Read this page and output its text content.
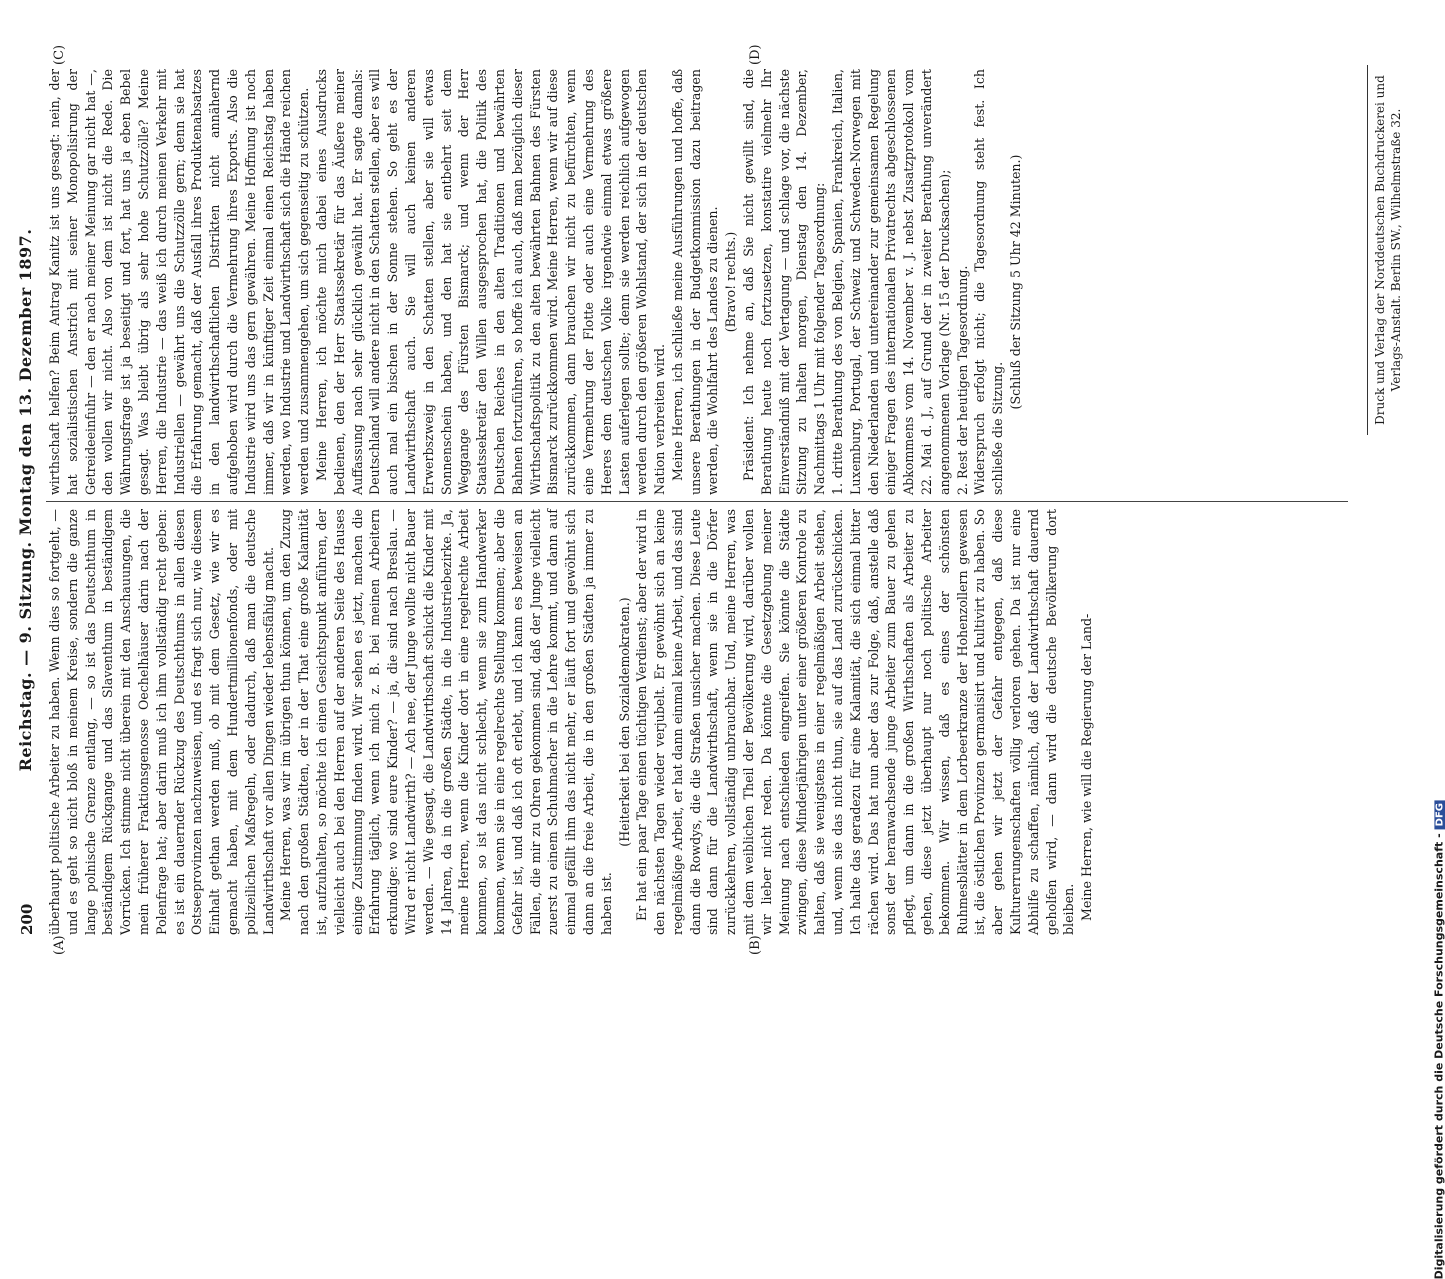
200
Reichstag. — 9. Sitzung. Montag den 13. Dezember 1897.
(A)	(B)
(C)	(D)

überhaupt politische Arbeiter zu haben. Wenn dies so fortgeht, — und es geht so nicht bloß in meinem Kreise, sondern die ganze lange polnische Grenze entlang, — so ist das Deutschthum in beständigem Rückgange und das Slaventhum in beständigem Vorrücken. Ich stimme nicht überein mit den Anschauungen, die mein früherer Fraktionsgenosse Oechelhäuser darin nach der Polenfrage hat; aber darin muß ich ihm vollständig recht geben: es ist ein dauernder Rückzug des Deutschthums in allen diesen Ostseeprovinzen nachzuweisen, und es fragt sich nur, wie diesem Einhalt gethan werden muß, ob mit dem Gesetz, wie wir es gemacht haben, mit dem Hundertmillionenfonds, oder mit polizeilichen Maßregeln, oder dadurch, daß man die deutsche Landwirthschaft vor allen Dingen wieder lebensfähig macht. Meine Herren, was wir im übrigen thun können, um den Zuzug nach den großen Städten, der in der That eine große Kalamität ist, aufzuhalten, so möchte ich einen Gesichtspunkt anführen, der vielleicht auch bei den Herren auf der anderen Seite des Hauses einige Zustimmung finden wird. Wir sehen es jetzt, machen die Erfahrung täglich, wenn ich mich z. B. bei meinen Arbeitern erkundige: wo sind eure Kinder? — ja, die sind nach Breslau. — Wird er nicht Landwirth? — Ach nee, der Junge wollte nicht Bauer werden. — Wie gesagt, die Landwirthschaft schickt die Kinder mit 14 Jahren, da in die großen Städte, in die Industriebezirke. Ja, meine Herren, wenn die Kinder dort in eine regelrechte Arbeit kommen, so ist das nicht schlecht, wenn sie zum Handwerker kommen, wenn sie in eine regelrechte Stellung kommen; aber die Gefahr ist, und daß ich oft erlebt, und ich kann es beweisen an Fällen, die mir zu Ohren gekommen sind, daß der Junge vielleicht zuerst zu einem Schuhmacher in die Lehre kommt, und dann auf einmal gefällt ihm das nicht mehr, er läuft fort und gewöhnt sich dann an die freie Arbeit, die in den großen Städten ja immer zu haben ist.

(Heiterkeit bei den Sozialdemokraten.) Er hat ein paar Tage einen tüchtigen Verdienst; aber der wird in den nächsten Tagen wieder verjubelt. Er gewöhnt sich an keine regelmäßige Arbeit, er hat dann einmal keine Arbeit, und das sind dann die Rowdys, die die Straßen unsicher machen. Diese Leute sind dann für die Landwirthschaft, wenn sie in die Dörfer zurückkehren, vollständig unbrauchbar. Und, meine Herren, was mit dem weiblichen Theil der Bevölkerung wird, darüber wollen wir lieber nicht reden. Da könnte die Gesetzgebung meiner Meinung nach entschieden eingreifen. Sie könnte die Städte zwingen, diese Minderjährigen unter einer größeren Kontrole zu halten, daß sie wenigstens in einer regelmäßigen Arbeit stehen, und, wenn sie das nicht thun, sie auf das Land zurückschicken. Ich halte das geradezu für eine Kalamität, die sich einmal bitter rächen wird. Das hat nun aber das zur Folge, daß, anstelle daß sonst der heranwachsende junge Arbeiter zum Bauer zu gehen pflegt, um dann in die großen Wirthschaften als Arbeiter zu gehen, diese jetzt überhaupt nur noch politische Arbeiter bekommen. Wir wissen, daß es eines der schönsten Ruhmesblätter in dem Lorbeerkranze der Hohenzollern gewesen ist, die östlichen Provinzen germanisirt und kultivirt zu haben. So aber gehen wir jetzt der Gefahr entgegen, daß diese Kulturerrungenschaften völlig verloren gehen. Da ist nur eine Abhilfe zu schaffen, nämlich, daß der Landwirthschaft dauernd geholfen wird, — dann wird die deutsche Bevölkerung dort bleiben. Meine Herren, wie will die Regierung der Land-

wirthschaft helfen? Beim Antrag Kanitz ist uns gesagt: nein, der hat sozialistischen Anstrich mit seiner Monopolisirung der Getreideeinfuhr — den er nach meiner Meinung gar nicht hat —, den wollen wir nicht. Also von dem ist nicht die Rede. Die Währungsfrage ist ja beseitigt und fort, hat uns ja eben Bebel gesagt. Was bleibt übrig als sehr hohe Schutzzölle? Meine Herren, die Industrie — das weiß ich durch meinen Verkehr mit Industriellen — gewährt uns die Schutzzölle gern; denn sie hat die Erfahrung gemacht, daß der Ausfall ihres Produktenabsatzes in den landwirthschaftlichen Distrikten nicht annähernd aufgehoben wird durch die Vermehrung ihres Exports. Also die Industrie wird uns das gern gewähren. Meine Hoffnung ist noch immer, daß wir in künftiger Zeit einmal einen Reichstag haben werden, wo Industrie und Landwirthschaft sich die Hände reichen werden und zusammengehen, um sich gegenseitig zu schützen. Meine Herren, ich möchte mich dabei eines Ausdrucks bedienen, den der Herr Staatssekretär für das Äußere meiner Auffassung nach sehr glücklich gewählt hat. Er sagte damals: Deutschland will andere nicht in den Schatten stellen, aber es will auch mal ein bischen in der Sonne stehen. So geht es der Landwirthschaft auch. Sie will auch keinen anderen Erwerbszweig in den Schatten stellen, aber sie will etwas Sonnenschein haben, und den hat sie entbehrt seit dem Weggange des Fürsten Bismarck; und wenn der Herr Staatssekretär den Willen ausgesprochen hat, die Politik des Deutschen Reiches in den alten Traditionen und bewährten Bahnen fortzuführen, so hoffe ich auch, daß man bezüglich dieser Wirthschaftspolitik zu den alten bewährten Bahnen des Fürsten Bismarck zurückkommen wird. Meine Herren, wenn wir auf diese zurückkommen, dann brauchen wir nicht zu befürchten, wenn eine Vermehrung der Flotte oder auch eine Vermehrung des Heeres dem deutschen Volke irgendwie einmal etwas größere Lasten auferlegen sollte; denn sie werden reichlich aufgewogen werden durch den größeren Wohlstand, der sich in der deutschen Nation verbreiten wird. Meine Herren, ich schließe meine Ausführungen und hoffe, daß unsere Berathungen in der Budgetkommission dazu beitragen werden, die Wohlfahrt des Landes zu dienen. (Bravo! rechts.) Präsident: Ich nehme an, daß Sie nicht gewillt sind, die Berathung heute noch fortzusetzen, konstatire vielmehr Ihr Einverständniß mit der Vertagung — und schlage vor, die nächste Sitzung zu halten morgen, Dienstag den 14. Dezember, Nachmittags 1 Uhr mit folgender Tagesordnung: 1. dritte Berathung des von Belgien, Spanien, Frankreich, Italien, Luxemburg, Portugal, der Schweiz und Schweden-Norwegen mit den Niederlanden und untereinander zur gemeinsamen Regelung einiger Fragen des internationalen Privatrechts abgeschlossenen Abkommens vom 14. November v. J. nebst Zusatzprotokoll vom 22. Mai d. J., auf Grund der in zweiter Berathung unverändert angenommenen Vorlage (Nr. 15 der Drucksachen); 2. Rest der heutigen Tagesordnung. Widerspruch erfolgt nicht; die Tagesordnung steht fest. Ich schließe die Sitzung.

(Schluß der Sitzung 5 Uhr 42 Minuten.)	Druck und Verlag der Norddeutschen Buchdruckerei und Verlags-Anstalt. Berlin SW., Wilhelmstraße 32.
Digitalisierung gefördert durch die Deutsche Forschungsgemeinschaft -DFG
